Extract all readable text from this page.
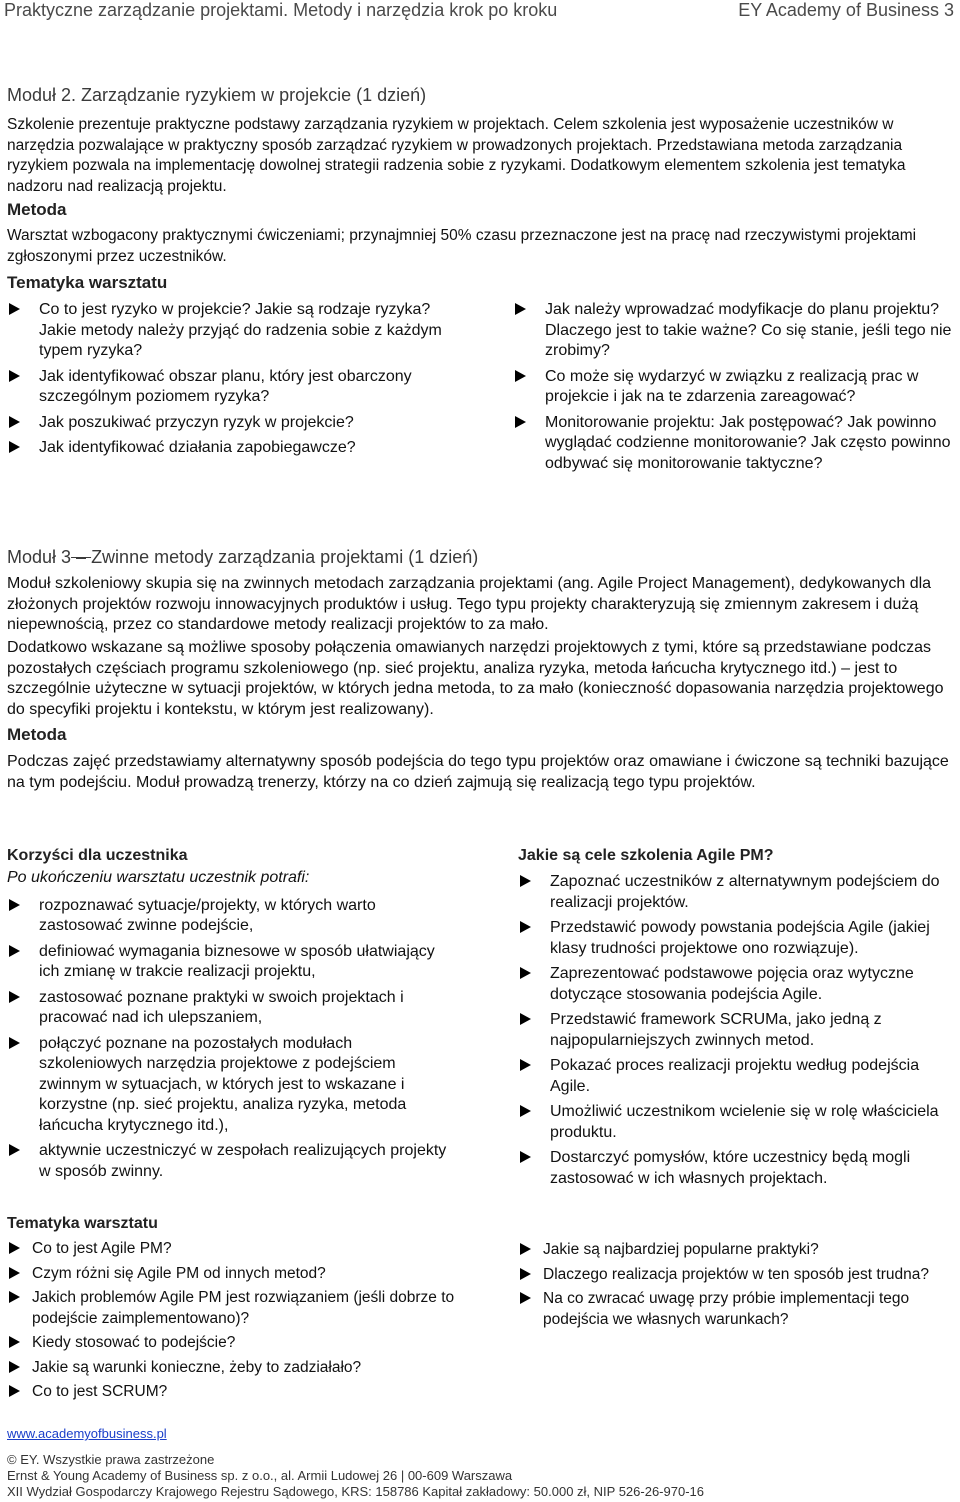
Praktyczne zarządzanie projektami. Metody i narzędzia krok po kroku	EY Academy of Business 3
Moduł 2. Zarządzanie ryzykiem w projekcie (1 dzień)
Szkolenie prezentuje praktyczne podstawy zarządzania ryzykiem w projektach. Celem szkolenia jest wyposażenie uczestników w narzędzia pozwalające w praktyczny sposób zarządzać ryzykiem w prowadzonych projektach. Przedstawiana metoda zarządzania ryzykiem pozwala na implementację dowolnej strategii radzenia sobie z ryzykami. Dodatkowym elementem szkolenia jest tematyka nadzoru nad realizacją projektu.
Metoda
Warsztat wzbogacony praktycznymi ćwiczeniami; przynajmniej 50% czasu przeznaczone jest na pracę nad rzeczywistymi projektami zgłoszonymi przez uczestników.
Tematyka warsztatu
Co to jest ryzyko w projekcie? Jakie są rodzaje ryzyka? Jakie metody należy przyjąć do radzenia sobie z każdym typem ryzyka?
Jak identyfikować obszar planu, który jest obarczony szczególnym poziomem ryzyka?
Jak poszukiwać przyczyn ryzyk w projekcie?
Jak identyfikować działania zapobiegawcze?
Jak należy wprowadzać modyfikacje do planu projektu? Dlaczego jest to takie ważne? Co się stanie, jeśli tego nie zrobimy?
Co może się wydarzyć w związku z realizacją prac w projekcie i jak na te zdarzenia zareagować?
Monitorowanie projektu: Jak postępować? Jak powinno wyglądać codzienne monitorowanie? Jak często powinno odbywać się monitorowanie taktyczne?
Moduł 3 – Zwinne metody zarządzania projektami (1 dzień)
Moduł szkoleniowy skupia się na zwinnych metodach zarządzania projektami (ang. Agile Project Management), dedykowanych dla złożonych projektów rozwoju innowacyjnych produktów i usług. Tego typu projekty charakteryzują się zmiennym zakresem i dużą niepewnością, przez co standardowe metody realizacji projektów to za mało.
Dodatkowo wskazane są możliwe sposoby połączenia omawianych narzędzi projektowych z tymi, które są przedstawiane podczas pozostałych częściach programu szkoleniowego (np. sieć projektu, analiza ryzyka, metoda łańcucha krytycznego itd.) – jest to szczególnie użyteczne w sytuacji projektów, w których jedna metoda, to za mało (konieczność dopasowania narzędzia projektowego do specyfiki projektu i kontekstu, w którym jest realizowany).
Metoda
Podczas zajęć przedstawiamy alternatywny sposób podejścia do tego typu projektów oraz omawiane i ćwiczone są techniki bazujące na tym podejściu. Moduł prowadzą trenerzy, którzy na co dzień zajmują się realizacją tego typu projektów.
Korzyści dla uczestnika
Po ukończeniu warsztatu uczestnik potrafi:
rozpoznawać sytuacje/projekty, w których warto zastosować zwinne podejście,
definiować wymagania biznesowe w sposób ułatwiający ich zmianę w trakcie realizacji projektu,
zastosować poznane praktyki w swoich projektach i pracować nad ich ulepszaniem,
połączyć poznane na pozostałych modułach szkoleniowych narzędzia projektowe z podejściem zwinnym w sytuacjach, w których jest to wskazane i korzystne (np. sieć projektu, analiza ryzyka, metoda łańcucha krytycznego itd.),
aktywnie uczestniczyć w zespołach realizujących projekty w sposób zwinny.
Jakie są cele szkolenia Agile PM?
Zapoznać uczestników z alternatywnym podejściem do realizacji projektów.
Przedstawić powody powstania podejścia Agile (jakiej klasy trudności projektowe ono rozwiązuje).
Zaprezentować podstawowe pojęcia oraz wytyczne dotyczące stosowania podejścia Agile.
Przedstawić framework SCRUMa, jako jedną z najpopularniejszych zwinnych metod.
Pokazać proces realizacji projektu według podejścia Agile.
Umożliwić uczestnikom wcielenie się w rolę właściciela produktu.
Dostarczyć pomysłów, które uczestnicy będą mogli zastosować w ich własnych projektach.
Tematyka warsztatu
Co to jest Agile PM?
Czym różni się Agile PM od innych metod?
Jakich problemów Agile PM jest rozwiązaniem (jeśli dobrze to podejście zaimplementowano)?
Kiedy stosować to podejście?
Jakie są warunki konieczne, żeby to zadziałało?
Co to jest SCRUM?
Jakie są najbardziej popularne praktyki?
Dlaczego realizacja projektów w ten sposób jest trudna?
Na co zwracać uwagę przy próbie implementacji tego podejścia we własnych warunkach?
www.academyofbusiness.pl
© EY. Wszystkie prawa zastrzeżone
Ernst & Young Academy of Business sp. z o.o., al. Armii Ludowej 26 | 00-609 Warszawa
XII Wydział Gospodarczy Krajowego Rejestru Sądowego, KRS: 158786 Kapitał zakładowy: 50.000 zł, NIP 526-26-970-16
